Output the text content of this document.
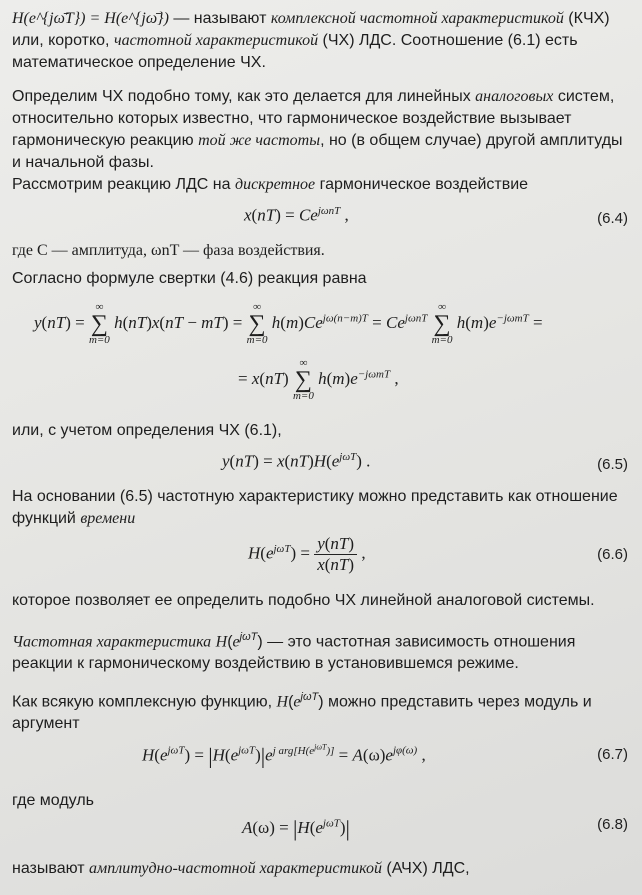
H(e^{jω̄T}) = H(e^{jω̄}) — называют комплексной частотной характеристикой (КЧХ) или, коротко, частотной характеристикой (ЧХ) ЛДС. Соотношение (6.1) есть математическое определение ЧХ.

Определим ЧХ подобно тому, как это делается для линейных аналоговых систем, относительно которых известно, что гармоническое воздействие вызывает гармоническую реакцию той же частоты, но (в общем случае) другой амплитуды и начальной фазы.

Рассмотрим реакцию ЛДС на дискретное гармоническое воздействие

$x(nT) = Ce^{j\omega nT}$ ,	(6.4)

где C — амплитуда, ωnT — фаза воздействия.

Согласно формуле свертки (4.6) реакция равна

y(nT) =
∞
∑
m=0
h(nT)x(nT − mT) =
∞
∑
m=0
$h(m)Ce^{j\omega(n-m)T} = Ce^{j\omega nT}$
∞
∑
m=0
$h(m)e^{-j\omega mT}$ =
= x(nT)
∞
∑
m=0
$h(m)e^{-j\omega mT}$ ,

или, с учетом определения ЧХ (6.1),

$y(nT) = x(nT)H(e^{j\omega T})$ .	(6.5)

На основании (6.5) частотную характеристику можно представить как отношение функций времени

$H(e^{j\omega T}) = \frac{y(nT)}{x(nT)}$ ,	(6.6)

которое позволяет ее определить подобно ЧХ линейной аналоговой системы.

Частотная характеристика $H(e^{j\omega T})$ — это частотная зависимость отношения реакции к гармоническому воздействию в установившемся режиме.

Как всякую комплексную функцию, $H(e^{j\omega T})$ можно представить через модуль и аргумент

$H(e^{j\omega T}) = |H(e^{j\omega T})|e^{j arg[H(e^{j\omega T})]} = A(\omega)e^{j\varphi(\omega)}$ ,	(6.7)

где модуль

$A(\omega) = |H(e^{j\omega T})|$	(6.8)

называют амплитудно-частотной характеристикой (АЧХ) ЛДС,
